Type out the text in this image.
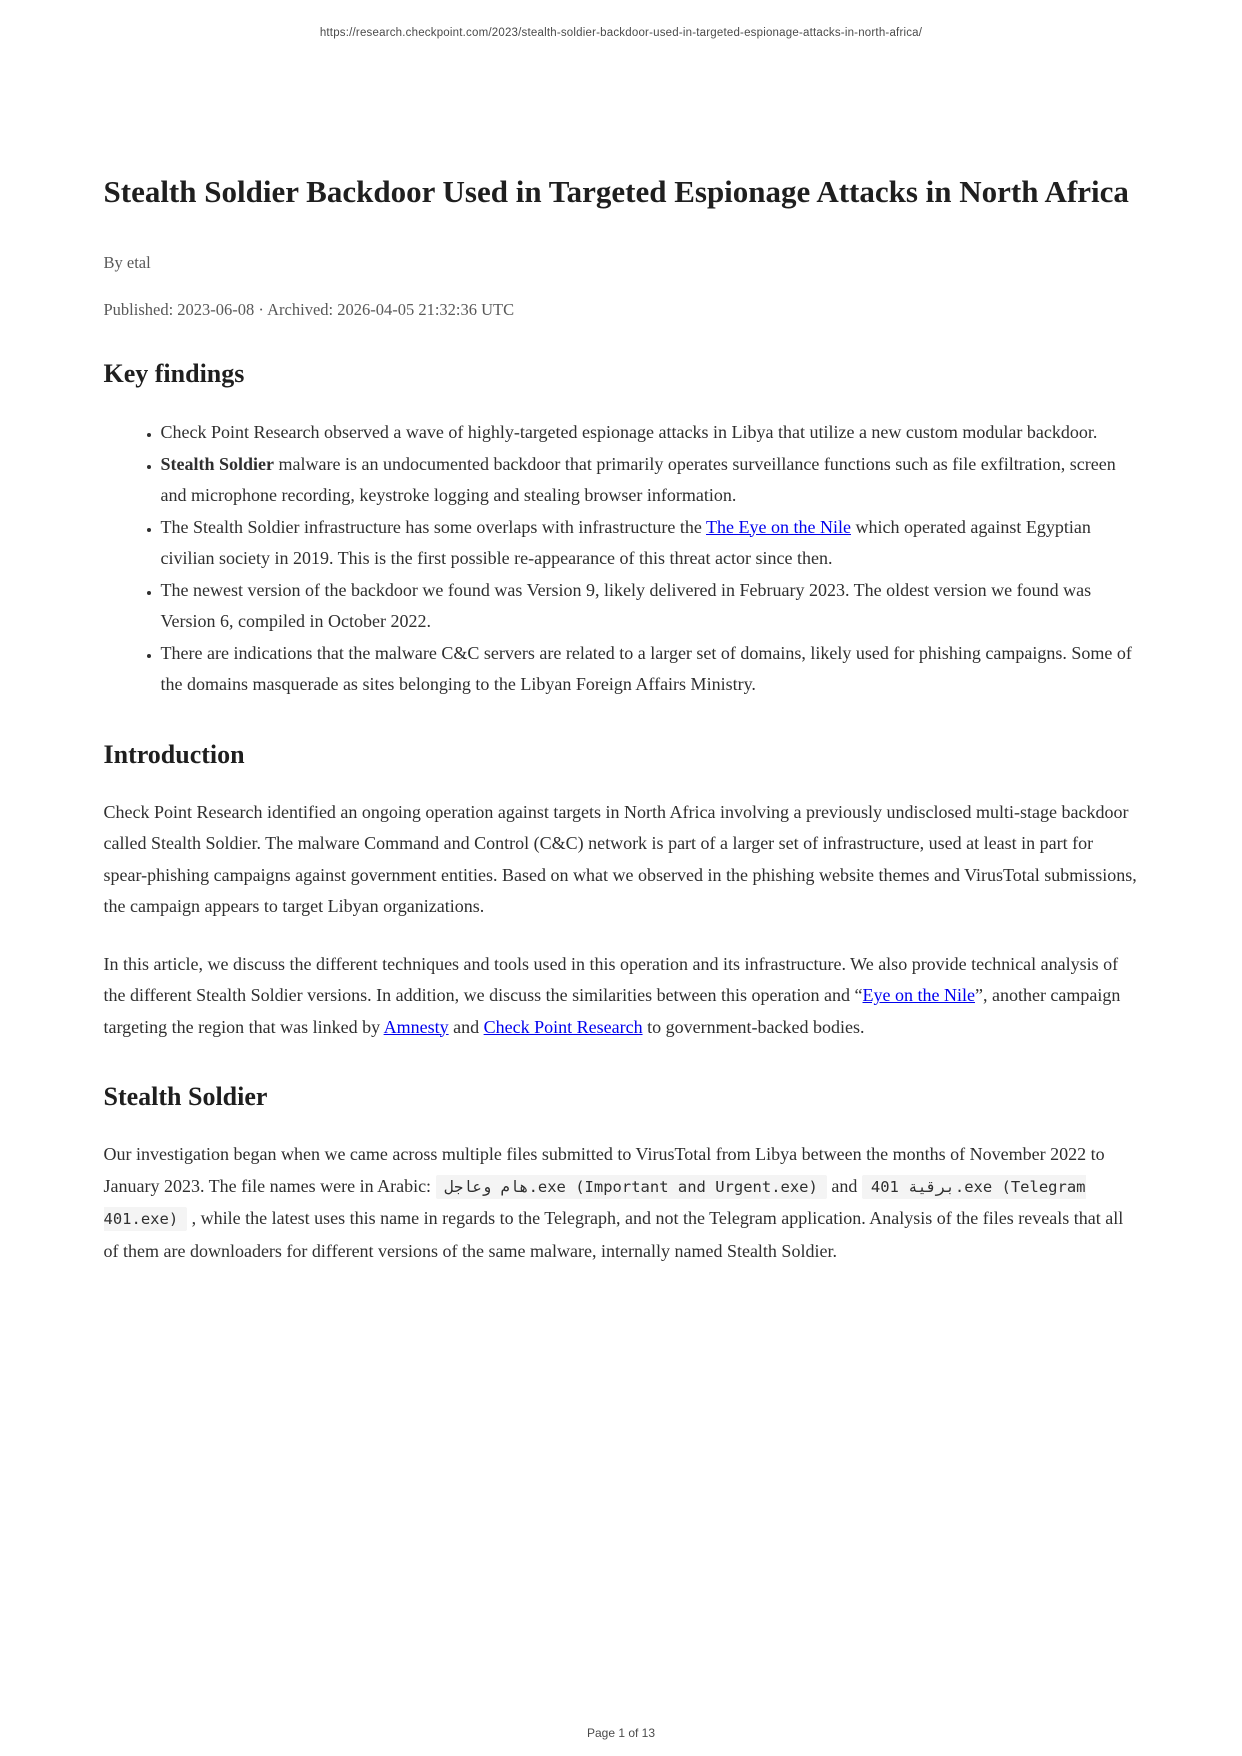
https://research.checkpoint.com/2023/stealth-soldier-backdoor-used-in-targeted-espionage-attacks-in-north-africa/
Stealth Soldier Backdoor Used in Targeted Espionage Attacks in North Africa
By etal
Published: 2023-06-08 · Archived: 2026-04-05 21:32:36 UTC
Key findings
• Check Point Research observed a wave of highly-targeted espionage attacks in Libya that utilize a new custom modular backdoor.
• Stealth Soldier malware is an undocumented backdoor that primarily operates surveillance functions such as file exfiltration, screen and microphone recording, keystroke logging and stealing browser information.
• The Stealth Soldier infrastructure has some overlaps with infrastructure the The Eye on the Nile which operated against Egyptian civilian society in 2019. This is the first possible re-appearance of this threat actor since then.
• The newest version of the backdoor we found was Version 9, likely delivered in February 2023. The oldest version we found was Version 6, compiled in October 2022.
• There are indications that the malware C&C servers are related to a larger set of domains, likely used for phishing campaigns. Some of the domains masquerade as sites belonging to the Libyan Foreign Affairs Ministry.
Introduction

Check Point Research identified an ongoing operation against targets in North Africa involving a previously undisclosed multi-stage backdoor called Stealth Soldier. The malware Command and Control (C&C) network is part of a larger set of infrastructure, used at least in part for spear-phishing campaigns against government entities. Based on what we observed in the phishing website themes and VirusTotal submissions, the campaign appears to target Libyan organizations.

In this article, we discuss the different techniques and tools used in this operation and its infrastructure. We also provide technical analysis of the different Stealth Soldier versions. In addition, we discuss the similarities between this operation and “Eye on the Nile”, another campaign targeting the region that was linked by Amnesty and Check Point Research to government-backed bodies.

Stealth Soldier

Our investigation began when we came across multiple files submitted to VirusTotal from Libya between the months of November 2022 to January 2023. The file names were in Arabic: هام وعاجل.exe (Important and Urgent.exe) and 401 برقية.exe (Telegram 401.exe) , while the latest uses this name in regards to the Telegraph, and not the Telegram application. Analysis of the files reveals that all of them are downloaders for different versions of the same malware, internally named Stealth Soldier.

Page 1 of 13
